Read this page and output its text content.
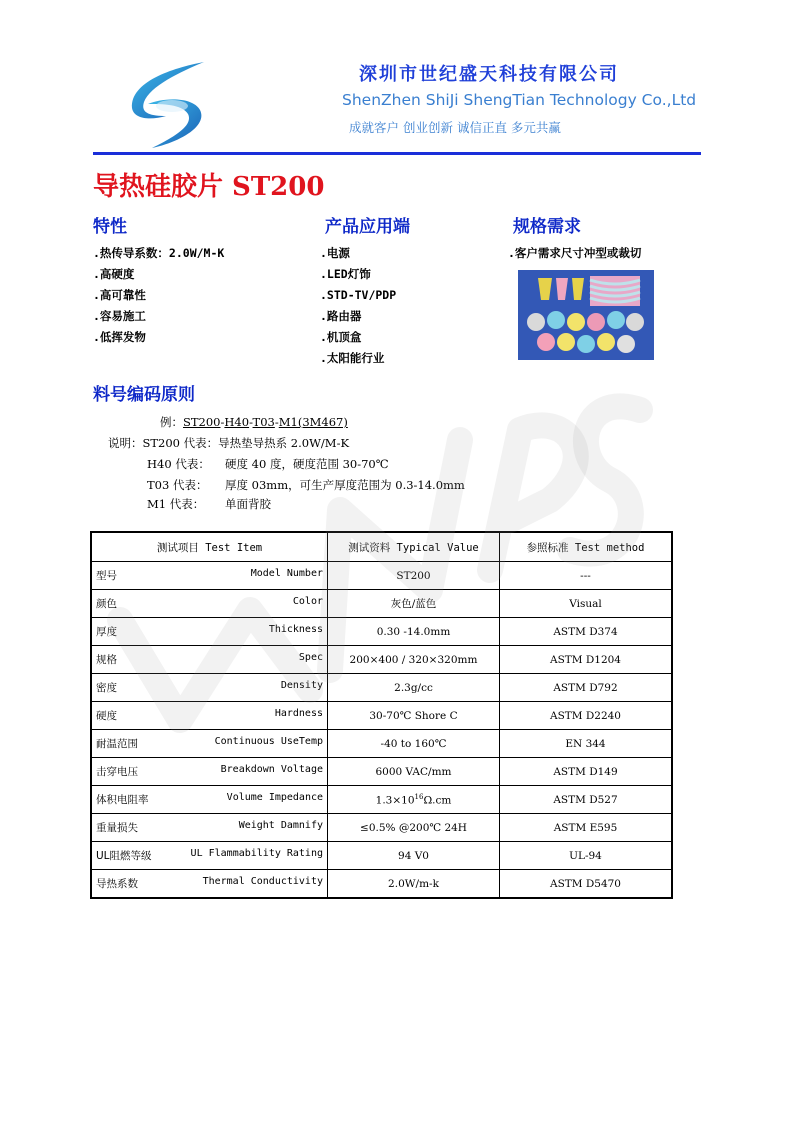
深圳市世纪盛天科技有限公司
ShenZhen ShiJi ShengTian Technology Co.,Ltd
成就客户 创业创新 诚信正直 多元共赢
导热硅胶片 ST200
特性
.热传导系数：2.0W/M-K
.高硬度
.高可靠性
.容易施工
.低挥发物
产品应用端
.电源
.LED灯饰
.STD-TV/PDP
.路由器
.机顶盒
.太阳能行业
规格需求
.客户需求尺寸冲型或裁切
料号编码原则
例：ST200-H40-T03-M1(3M467)
说明：ST200 代表：导热垫导热系 2.0W/M-K
H40 代表： 硬度 40 度，硬度范围 30-70℃
T03 代表： 厚度 03mm，可生产厚度范围为 0.3-14.0mm
M1 代表： 单面背胶
测试项目 Test Item	测试资料 Typical Value	参照标准 Test method

型号 Model Number	ST200	---

颜色 Color	灰色/蓝色	Visual

厚度 Thickness	0.30 -14.0mm	ASTM D374

规格 Spec	200×400 / 320×320mm	ASTM D1204

密度 Density	2.3g/cc	ASTM D792

硬度 Hardness	30-70℃ Shore C	ASTM D2240

耐温范围 Continuous UseTemp	-40 to 160℃	EN 344

击穿电压 Breakdown Voltage	6000 VAC/mm	ASTM D149

体积电阻率 Volume Impedance	$1.3\times 10^{16}\Omega.cm$	ASTM D527

重量损失 Weight Damnify	≤0.5% @200℃ 24H	ASTM E595

UL阻燃等级 UL Flammability Rating	94 V0	UL-94

导热系数 Thermal Conductivity	2.0W/m-k	ASTM D5470
